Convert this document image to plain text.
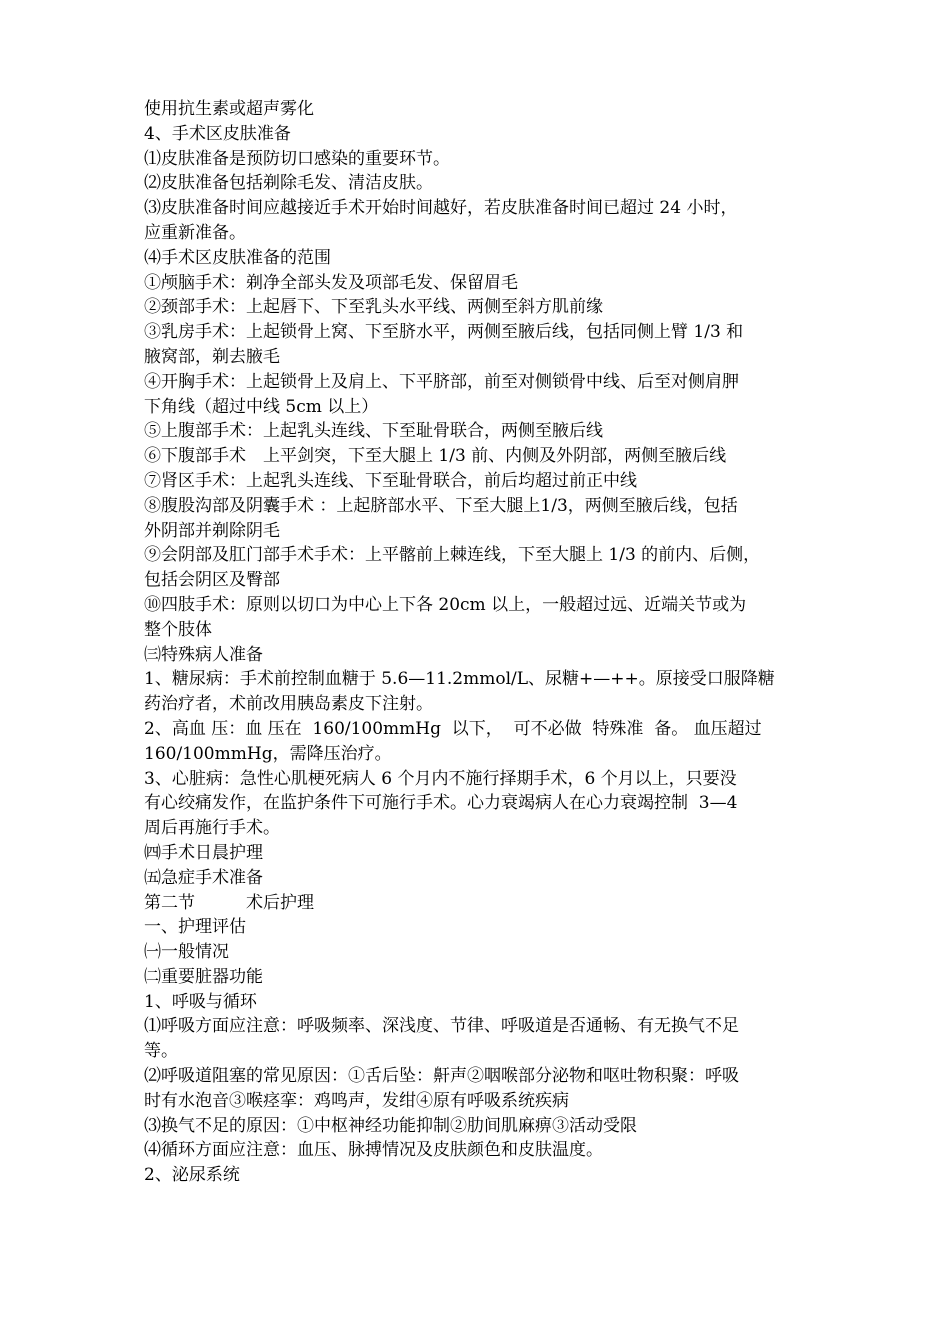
使用抗生素或超声雾化
4、手术区皮肤准备
⑴皮肤准备是预防切口感染的重要环节。
⑵皮肤准备包括剃除毛发、清洁皮肤。
⑶皮肤准备时间应越接近手术开始时间越好，若皮肤准备时间已超过 24 小时，
应重新准备。
⑷手术区皮肤准备的范围
①颅脑手术：剃净全部头发及项部毛发、保留眉毛
②颈部手术：上起唇下、下至乳头水平线、两侧至斜方肌前缘
③乳房手术：上起锁骨上窝、下至脐水平，两侧至腋后线，包括同侧上臂 1/3 和
腋窝部，剃去腋毛
④开胸手术：上起锁骨上及肩上、下平脐部，前至对侧锁骨中线、后至对侧肩胛
下角线（超过中线 5cm 以上）
⑤上腹部手术：上起乳头连线、下至耻骨联合，两侧至腋后线
⑥下腹部手术　上平剑突，下至大腿上 1/3 前、内侧及外阴部，两侧至腋后线
⑦肾区手术：上起乳头连线、下至耻骨联合，前后均超过前正中线
⑧腹股沟部及阴囊手术 ：上起脐部水平、下至大腿上1/3，两侧至腋后线，包括
外阴部并剃除阴毛
⑨会阴部及肛门部手术手术：上平髂前上棘连线，下至大腿上 1/3 的前内、后侧，
包括会阴区及臀部
⑩四肢手术：原则以切口为中心上下各 20cm 以上，一般超过远、近端关节或为
整个肢体
㈢特殊病人准备
1、糖尿病：手术前控制血糖于 5.6—11.2mmol/L、尿糖+—++。原接受口服降糖
药治疗者，术前改用胰岛素皮下注射。
2、高血 压：血 压在  160/100mmHg  以下，  可不必做  特殊准  备。 血压超过
160/100mmHg，需降压治疗。
3、心脏病：急性心肌梗死病人 6 个月内不施行择期手术，6 个月以上，只要没
有心绞痛发作，在监护条件下可施行手术。心力衰竭病人在心力衰竭控制  3—4
周后再施行手术。
㈣手术日晨护理
㈤急症手术准备
第二节　　　术后护理
一、护理评估
㈠一般情况
㈡重要脏器功能
1、呼吸与循环
⑴呼吸方面应注意：呼吸频率、深浅度、节律、呼吸道是否通畅、有无换气不足
等。
⑵呼吸道阻塞的常见原因：①舌后坠：鼾声②咽喉部分泌物和呕吐物积聚：呼吸
时有水泡音③喉痉挛：鸡鸣声，发绀④原有呼吸系统疾病
⑶换气不足的原因：①中枢神经功能抑制②肋间肌麻痹③活动受限
⑷循环方面应注意：血压、脉搏情况及皮肤颜色和皮肤温度。
2、泌尿系统
